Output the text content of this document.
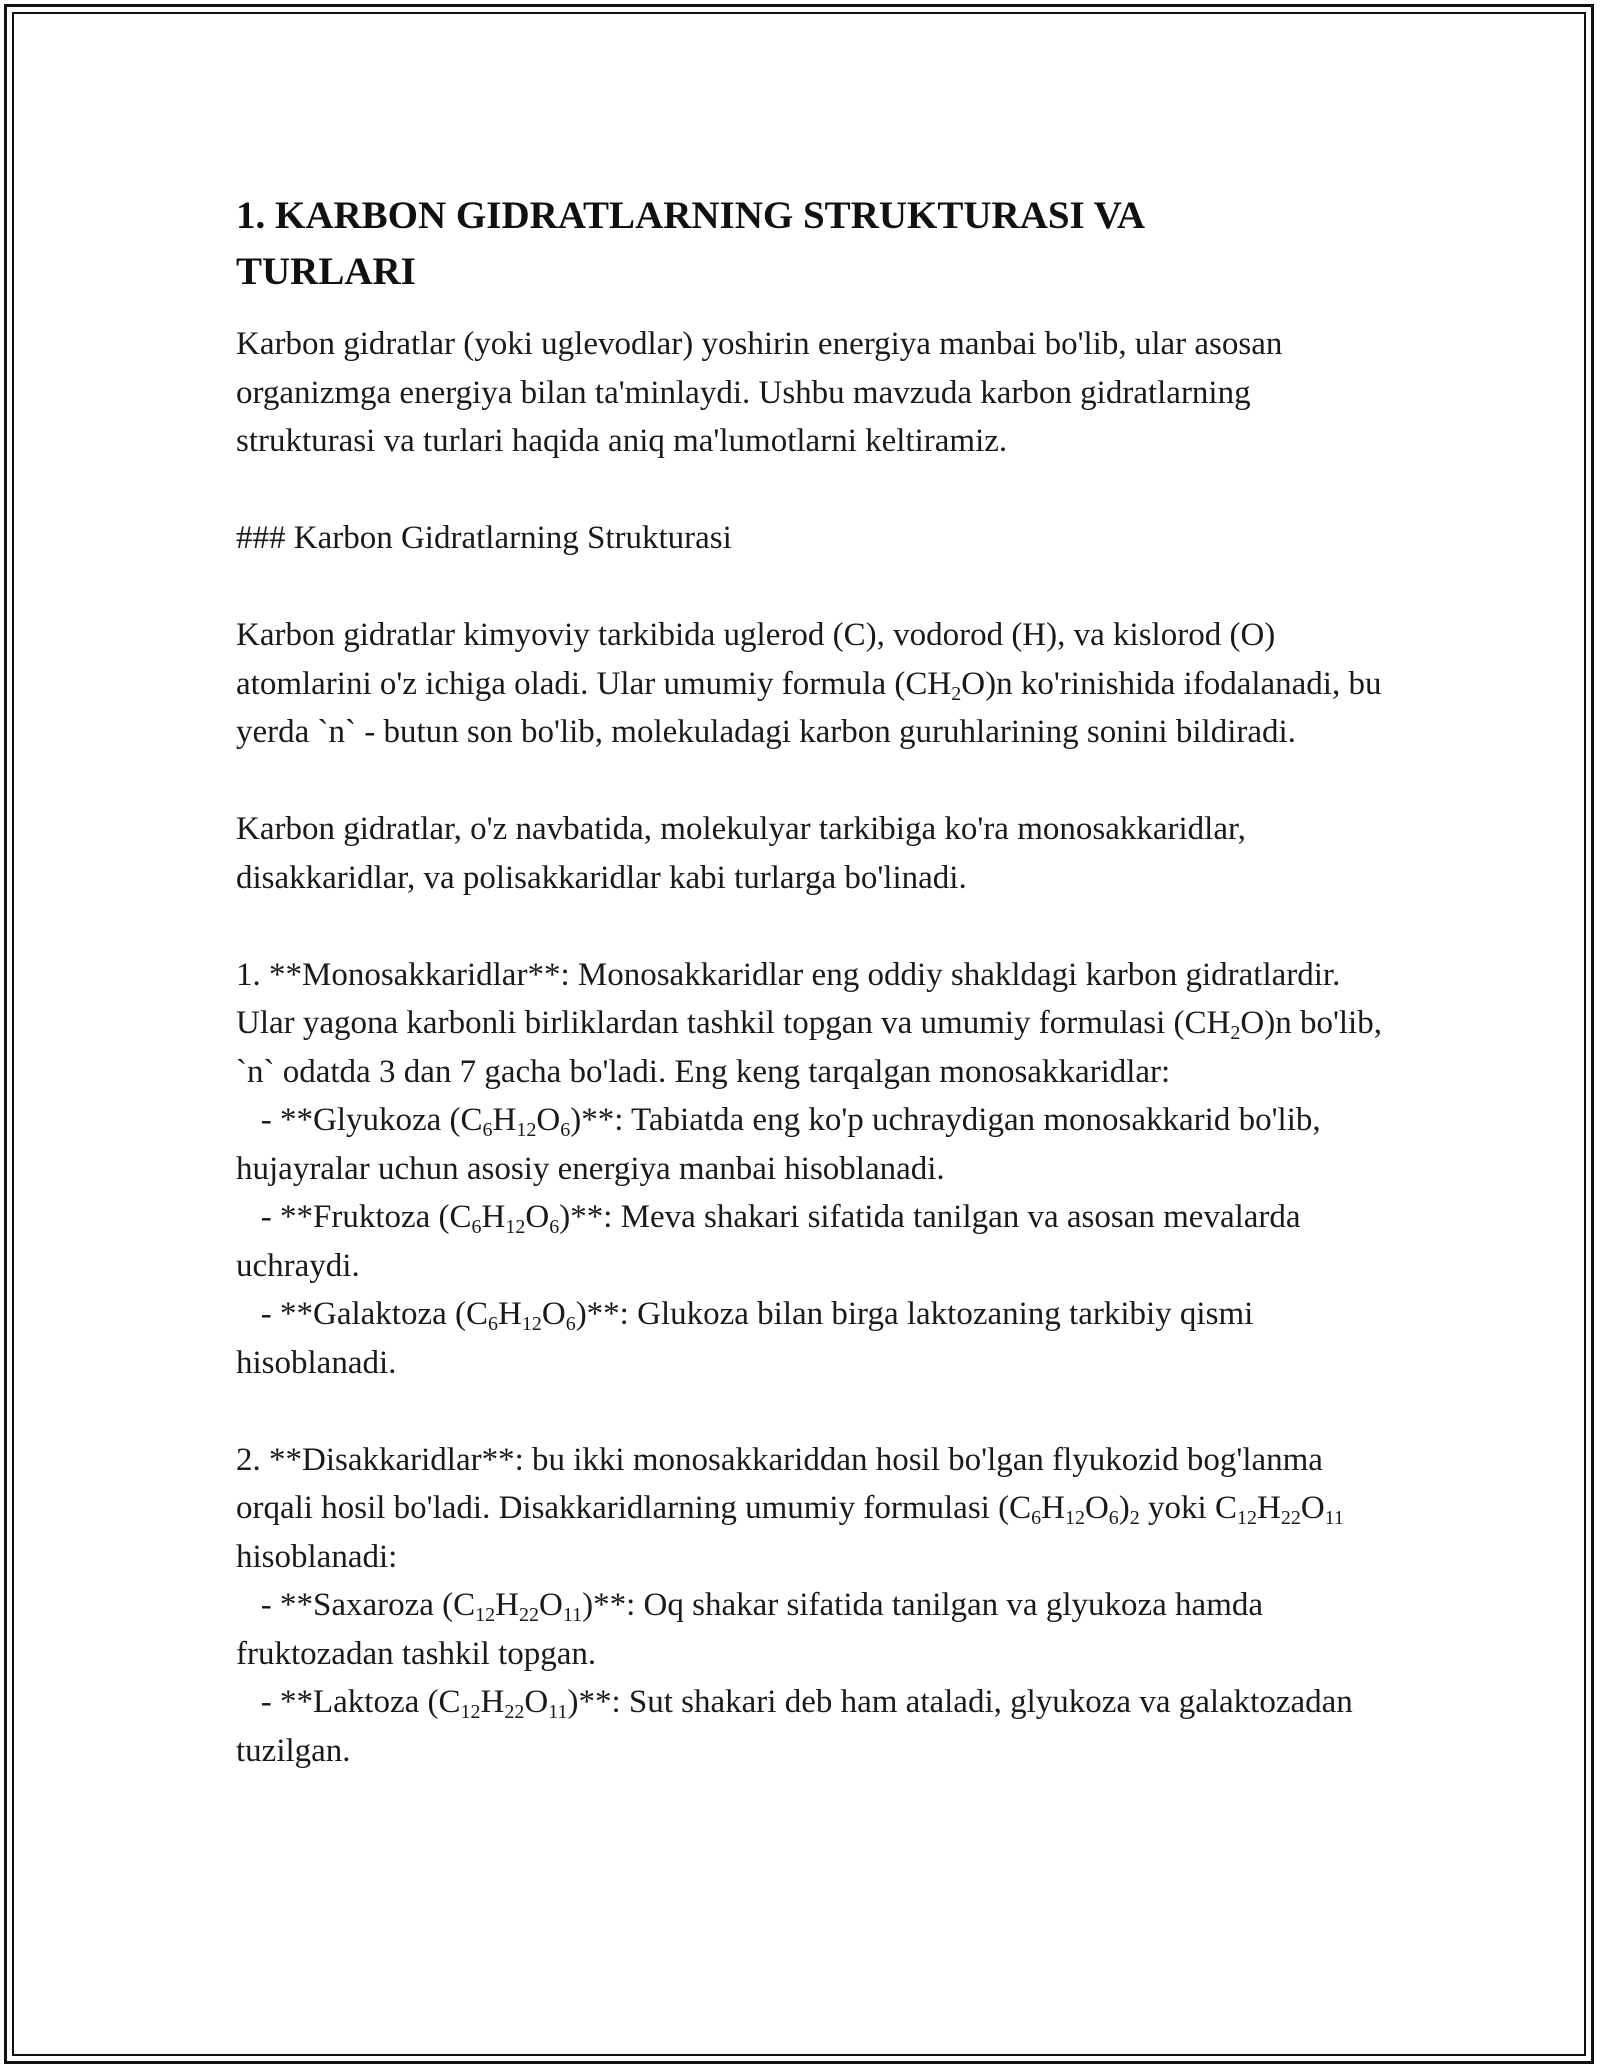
1. KARBON GIDRATLARNING STRUKTURASI VA
TURLARI

Karbon gidratlar (yoki uglevodlar) yoshirin energiya manbai bo'lib, ular asosan organizmga energiya bilan ta'minlaydi. Ushbu mavzuda karbon gidratlarning strukturasi va turlari haqida aniq ma'lumotlarni keltiramiz.

### Karbon Gidratlarning Strukturasi

Karbon gidratlar kimyoviy tarkibida uglerod (C), vodorod (H), va kislorod (O) atomlarini o'z ichiga oladi. Ular umumiy formula $(CH_2O)n$ ko'rinishida ifodalanadi, bu yerda `n` - butun son bo'lib, molekuladagi karbon guruhlarining sonini bildiradi.

Karbon gidratlar, o'z navbatida, molekulyar tarkibiga ko'ra monosakkaridlar, disakkaridlar, va polisakkaridlar kabi turlarga bo'linadi.

1. **Monosakkaridlar**: Monosakkaridlar eng oddiy shakldagi karbon gidratlardir. Ular yagona karbonli birliklardan tashkil topgan va umumiy formulasi $(CH_2O)n$ bo'lib, `n` odatda 3 dan 7 gacha bo'ladi. Eng keng tarqalgan monosakkaridlar:

- **Glyukoza $(C_6H_{12}O_6)**$: Tabiatda eng ko'p uchraydigan monosakkarid bo'lib, hujayralar uchun asosiy energiya manbai hisoblanadi.

- **Fruktoza $(C_6H_{12}O_6)**$: Meva shakari sifatida tanilgan va asosan mevalarda uchraydi.

- **Galaktoza $(C_6H_{12}O_6)**$: Glukoza bilan birga laktozaning tarkibiy qismi hisoblanadi.

2. **Disakkaridlar**: bu ikki monosakkariddan hosil bo'lgan flyukozid bog'lanma orqali hosil bo'ladi. Disakkaridlarning umumiy formulasi $(C_6H_{12}O_6)_2$ yoki $C_{12}H_{22}O_{11}$ hisoblanadi:

- **Saxaroza $(C_{12}H_{22}O_{11})**$: Oq shakar sifatida tanilgan va glyukoza hamda fruktozadan tashkil topgan.

- **Laktoza $(C_{12}H_{22}O_{11})**$: Sut shakari deb ham ataladi, glyukoza va galaktozadan tuzilgan.
